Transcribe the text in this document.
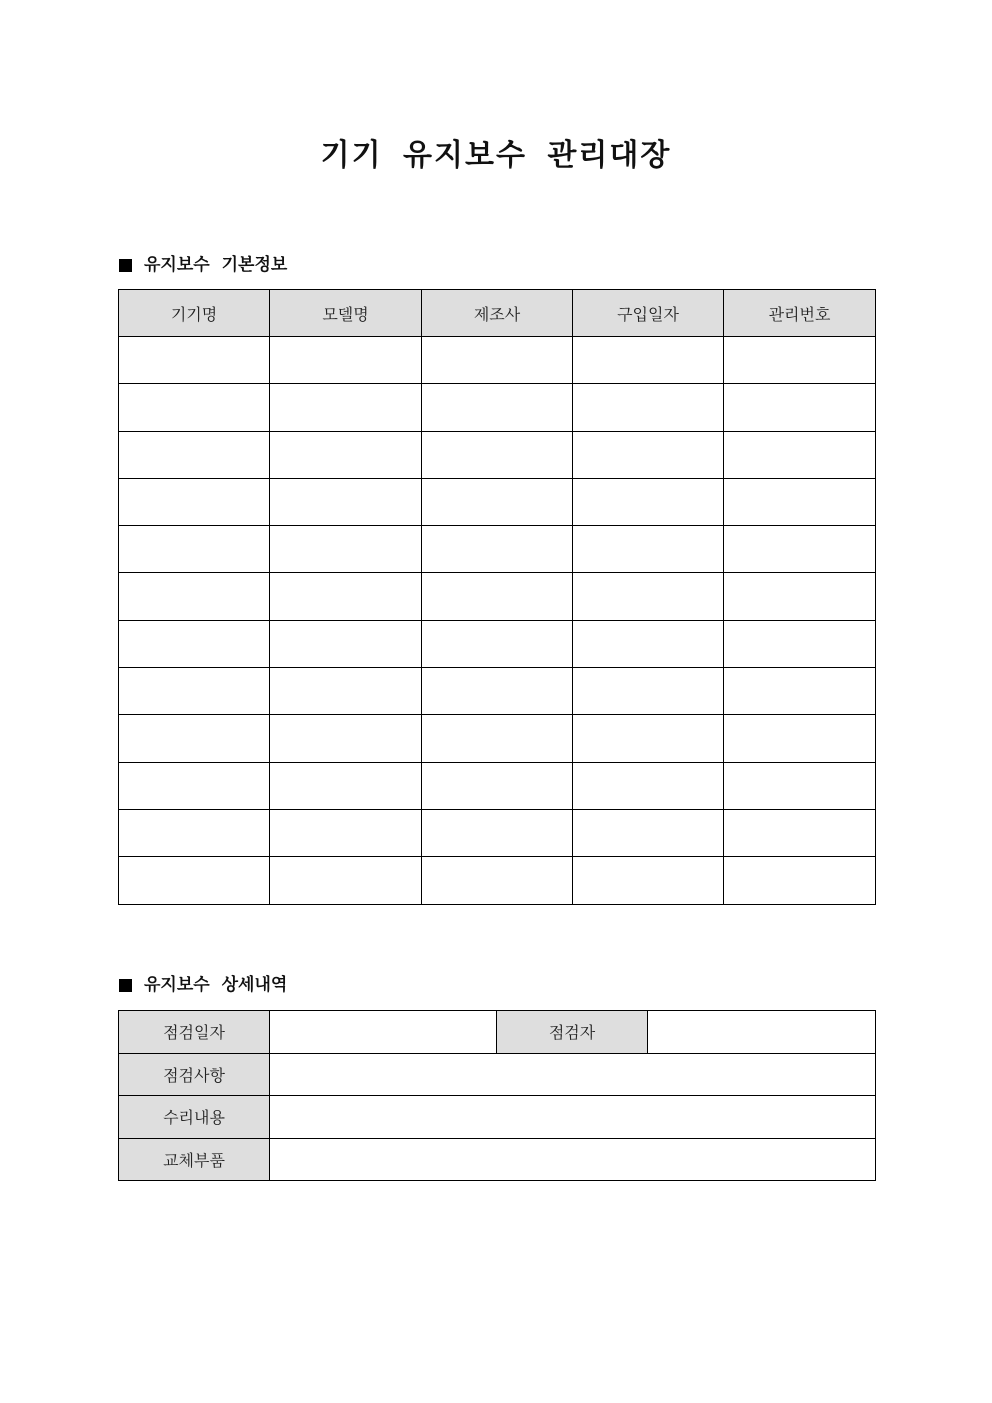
기기 유지보수 관리대장
유지보수 기본정보
기기명	모델명	제조사	구입일자	관리번호

유지보수 상세내역
점검일자		점검자	
점검사항			
수리내용			
교체부품			
